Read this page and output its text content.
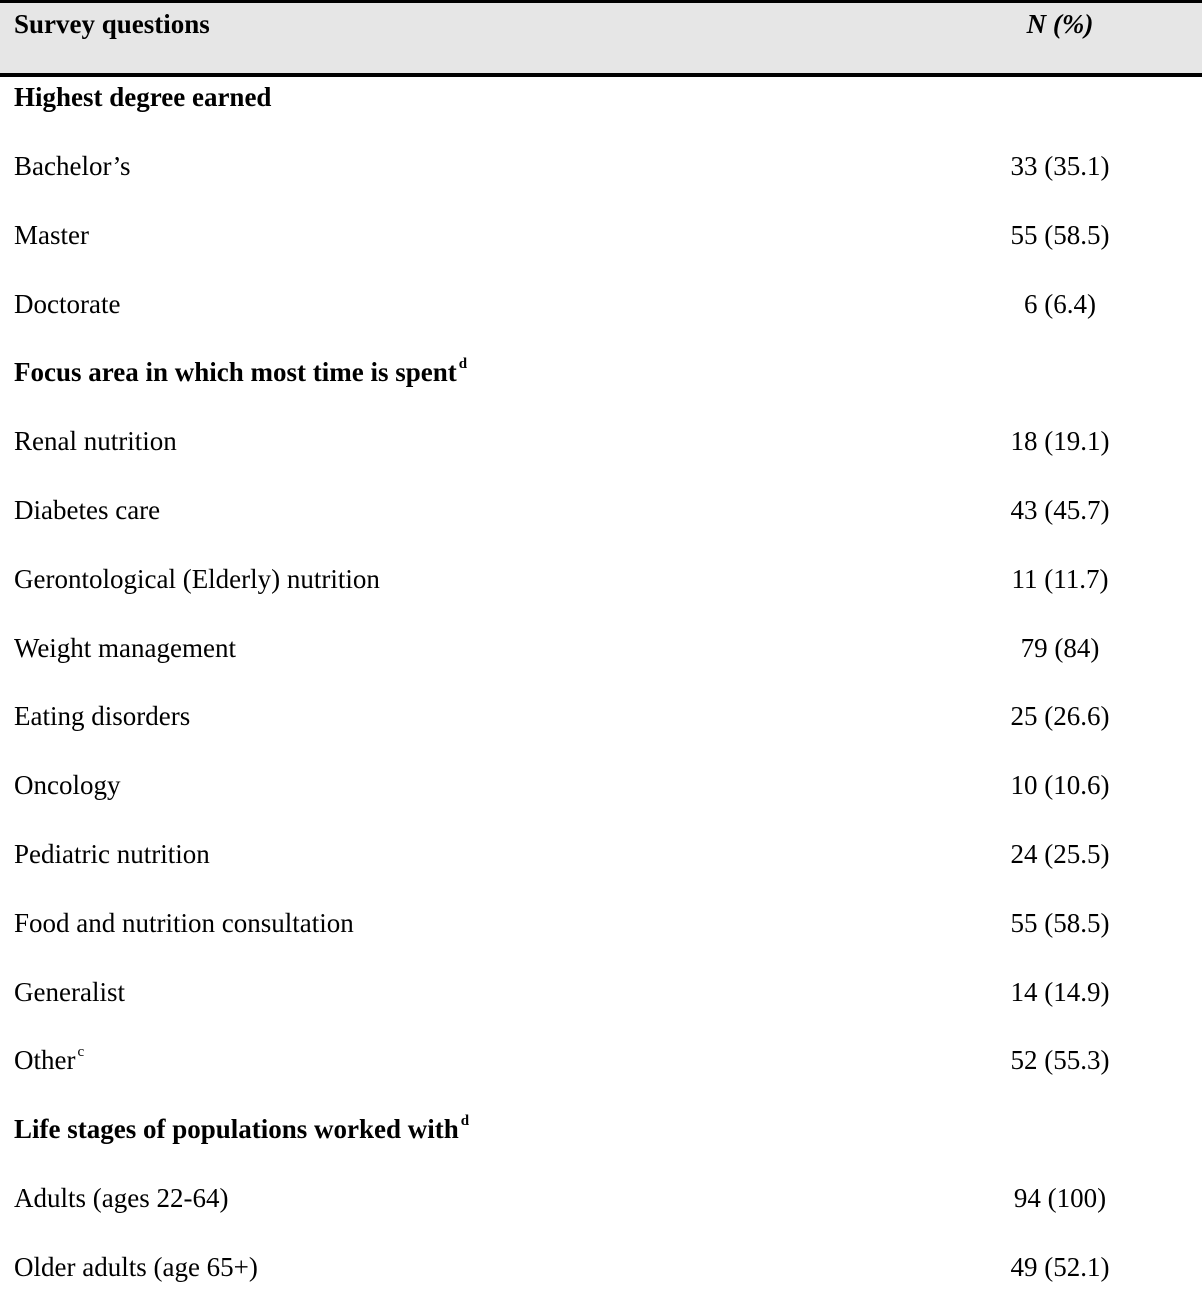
Survey questions	N (%)
Highest degree earned
Bachelor’s	33 (35.1)
Master	55 (58.5)
Doctorate	6 (6.4)
Focus area in which most time is spent $^d$
Renal nutrition	18 (19.1)
Diabetes care	43 (45.7)
Gerontological (Elderly) nutrition	11 (11.7)
Weight management	79 (84)
Eating disorders	25 (26.6)
Oncology	10 (10.6)
Pediatric nutrition	24 (25.5)
Food and nutrition consultation	55 (58.5)
Generalist	14 (14.9)
Other $^c$	52 (55.3)
Life stages of populations worked with $^d$
Adults (ages 22-64)	94 (100)
Older adults (age 65+)	49 (52.1)
